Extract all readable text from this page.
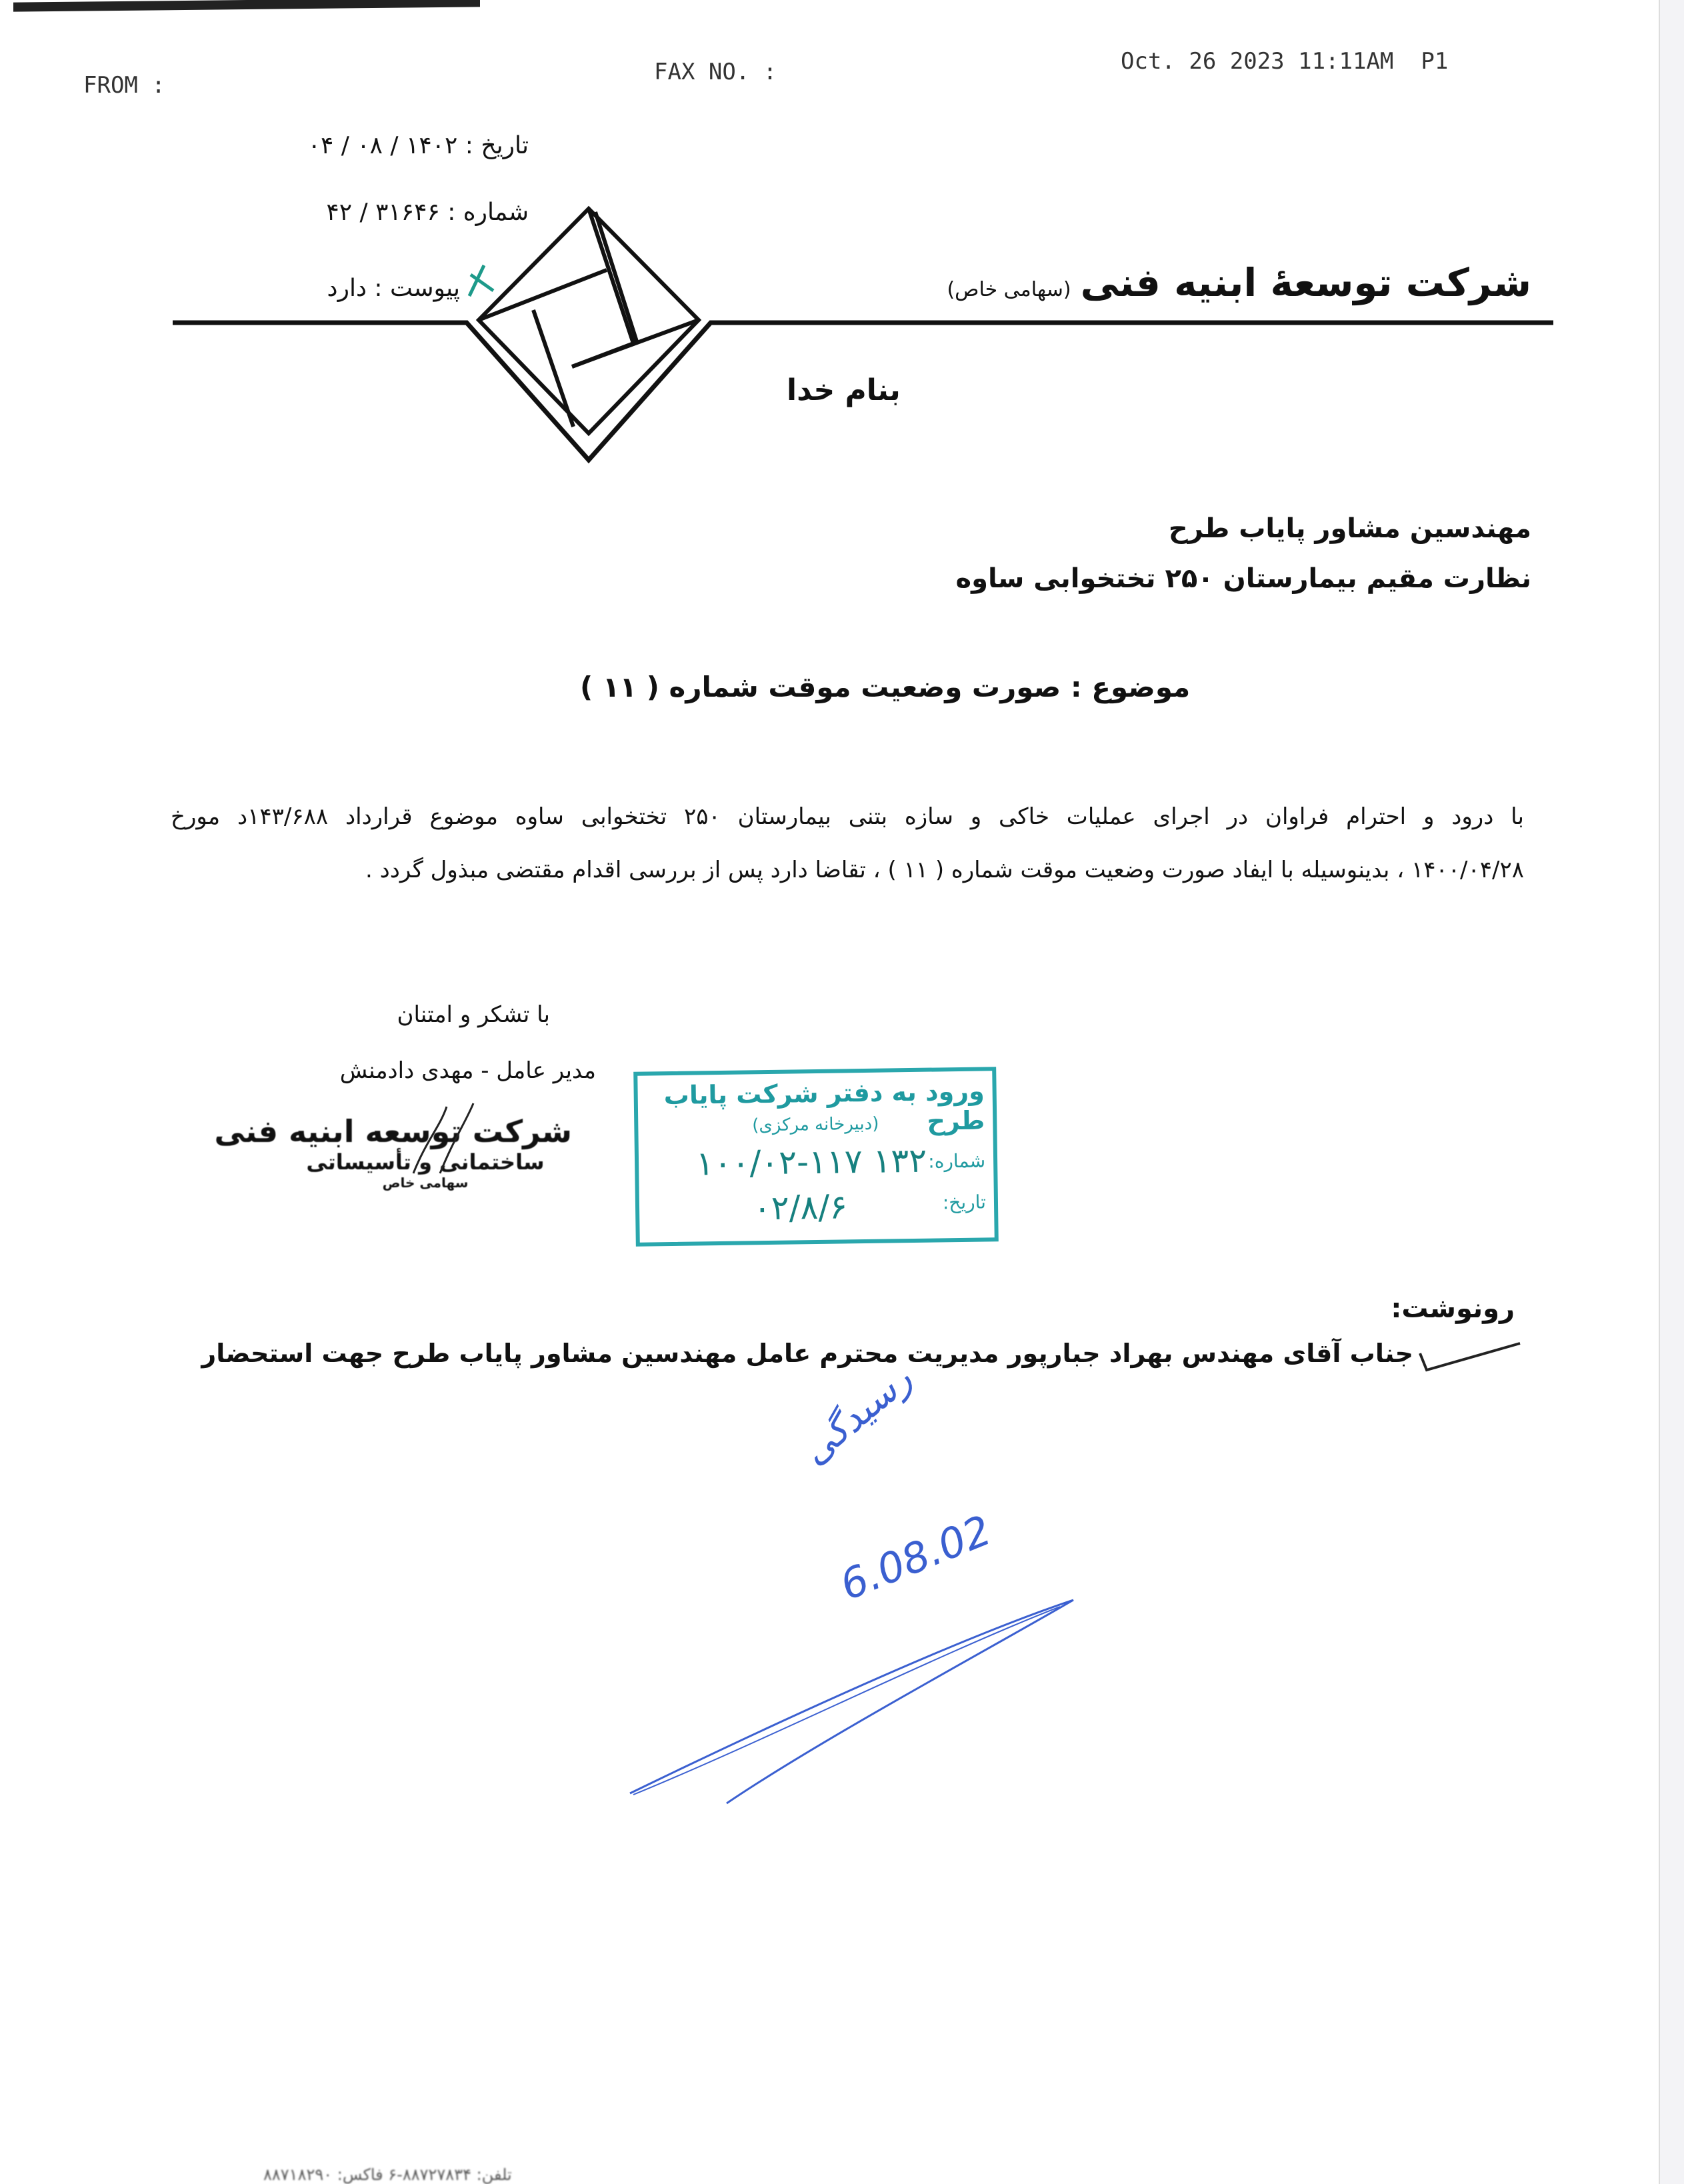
FROM :	FAX NO. :	Oct. 26 2023 11:11AM P1
تاریخ : ۱۴۰۲ / ۰۸ / ۰۴
شماره : ۳۱۶۴۶ / ۴۲
پیوست : دارد	شرکت توسعهٔ ابنیه فنی(سهامی خاص)
بنام خدا
مهندسین مشاور پایاب طرح
نظارت مقیم بیمارستان ۲۵۰ تختخوابی ساوه
موضوع : صورت وضعیت موقت شماره ( ۱۱ )
با درود و احترام فراوان در اجرای عملیات خاکی و سازه بتنی بیمارستان ۲۵۰ تختخوابی ساوه موضوع قرارداد ۱۴۳/۶۸۸د مورخ
۱۴۰۰/۰۴/۲۸ ، بدینوسیله با ایفاد صورت وضعیت موقت شماره ( ۱۱ ) ، تقاضا دارد پس از بررسی اقدام مقتضی مبذول گردد .
با تشکر و امتنان
مدیر عامل - مهدی دادمنش
شرکت توسعه ابنیه فنی
ساختمانی و تأسیساتی
سهامی خاص
ورود به دفتر شرکت پایاب طرح
(دبیرخانه مرکزی)
شماره:
۱۳۲ ۱۰۰/۰۲-۱۱۷
تاریخ:
۰۲/۸/۶
رونوشت:
جناب آقای مهندس بهراد جبارپور مدیریت محترم عامل مهندسین مشاور پایاب طرح جهت استحضار
رسیدگی
6.08.02
تلفن: ۸۸۷۲۷۸۳۴-۶ فاکس: ۸۸۷۱۸۲۹۰
